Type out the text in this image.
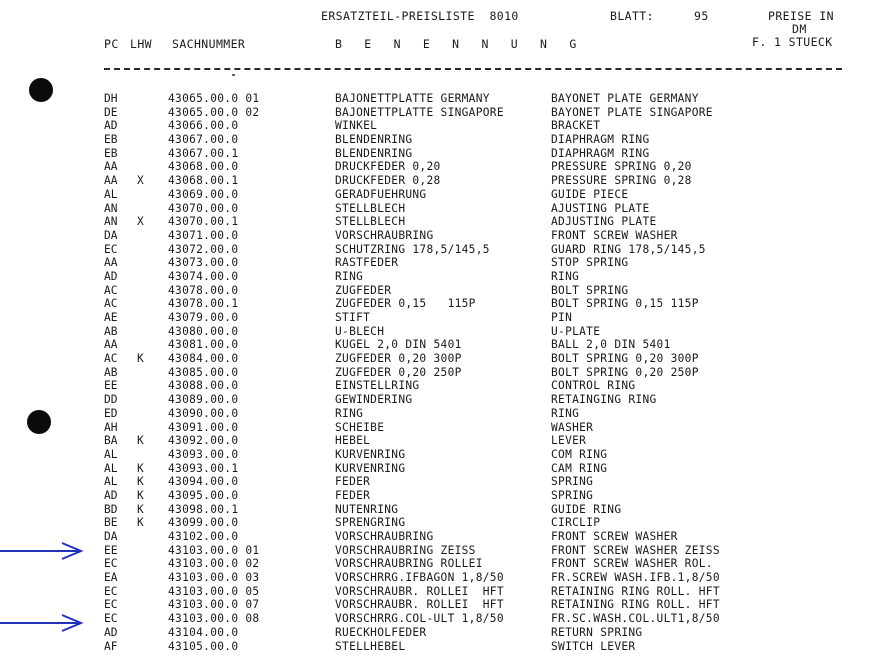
ERSATZTEIL-PREISLISTE  8010	BLATT:	95	PREISE IN
DM
F. 1 STUECK
PC LHW SACHNUMMER	B   E   N   E   N   N   U   N   G
DH	43065.00.0 01	BAJONETTPLATTE GERMANY	BAYONET PLATE GERMANY
DE	43065.00.0 02	BAJONETTPLATTE SINGAPORE	BAYONET PLATE SINGAPORE
AD	43066.00.0	WINKEL	BRACKET
EB	43067.00.0	BLENDENRING	DIAPHRAGM RING
EB	43067.00.1	BLENDENRING	DIAPHRAGM RING
AA	43068.00.0	DRUCKFEDER 0,20	PRESSURE SPRING 0,20
AA X 43068.00.1	DRUCKFEDER 0,28	PRESSURE SPRING 0,28
AL	43069.00.0	GERADFUEHRUNG	GUIDE PIECE
AN	43070.00.0	STELLBLECH	AJUSTING PLATE
AN X 43070.00.1	STELLBLECH	ADJUSTING PLATE
DA	43071.00.0	VORSCHRAUBRING	FRONT SCREW WASHER
EC	43072.00.0	SCHUTZRING 178,5/145,5	GUARD RING 178,5/145,5
AA	43073.00.0	RASTFEDER	STOP SPRING
AD	43074.00.0	RING	RING
AC	43078.00.0	ZUGFEDER	BOLT SPRING
AC	43078.00.1	ZUGFEDER 0,15   115P	BOLT SPRING 0,15 115P
AE	43079.00.0	STIFT	PIN
AB	43080.00.0	U-BLECH	U-PLATE
AA	43081.00.0	KUGEL 2,0 DIN 5401	BALL 2,0 DIN 5401
AC K 43084.00.0	ZUGFEDER 0,20 300P	BOLT SPRING 0,20 300P
AB	43085.00.0	ZUGFEDER 0,20 250P	BOLT SPRING 0,20 250P
EE	43088.00.0	EINSTELLRING	CONTROL RING
DD	43089.00.0	GEWINDERING	RETAINGING RING
ED	43090.00.0	RING	RING
AH	43091.00.0	SCHEIBE	WASHER
BA K 43092.00.0	HEBEL	LEVER
AL	43093.00.0	KURVENRING	COM RING
AL K 43093.00.1	KURVENRING	CAM RING
AL K 43094.00.0	FEDER	SPRING
AD K 43095.00.0	FEDER	SPRING
BD K 43098.00.1	NUTENRING	GUIDE RING
BE K 43099.00.0	SPRENGRING	CIRCLIP
DA	43102.00.0	VORSCHRAUBRING	FRONT SCREW WASHER
EE	43103.00.0 01	VORSCHRAUBRING ZEISS	FRONT SCREW WASHER ZEISS
EC	43103.00.0 02	VORSCHRAUBRING ROLLEI	FRONT SCREW WASHER ROL.
EA	43103.00.0 03	VORSCHRRG.IFBAGON 1,8/50	FR.SCREW WASH.IFB.1,8/50
EC	43103.00.0 05	VORSCHRAUBR. ROLLEI  HFT	RETAINING RING ROLL. HFT
EC	43103.00.0 07	VORSCHRAUBR. ROLLEI  HFT	RETAINING RING ROLL. HFT
EC	43103.00.0 08	VORSCHRRG.COL-ULT 1,8/50	FR.SC.WASH.COL.ULT1,8/50
AD	43104.00.0	RUECKHOLFEDER	RETURN SPRING
AF	43105.00.0	STELLHEBEL	SWITCH LEVER
